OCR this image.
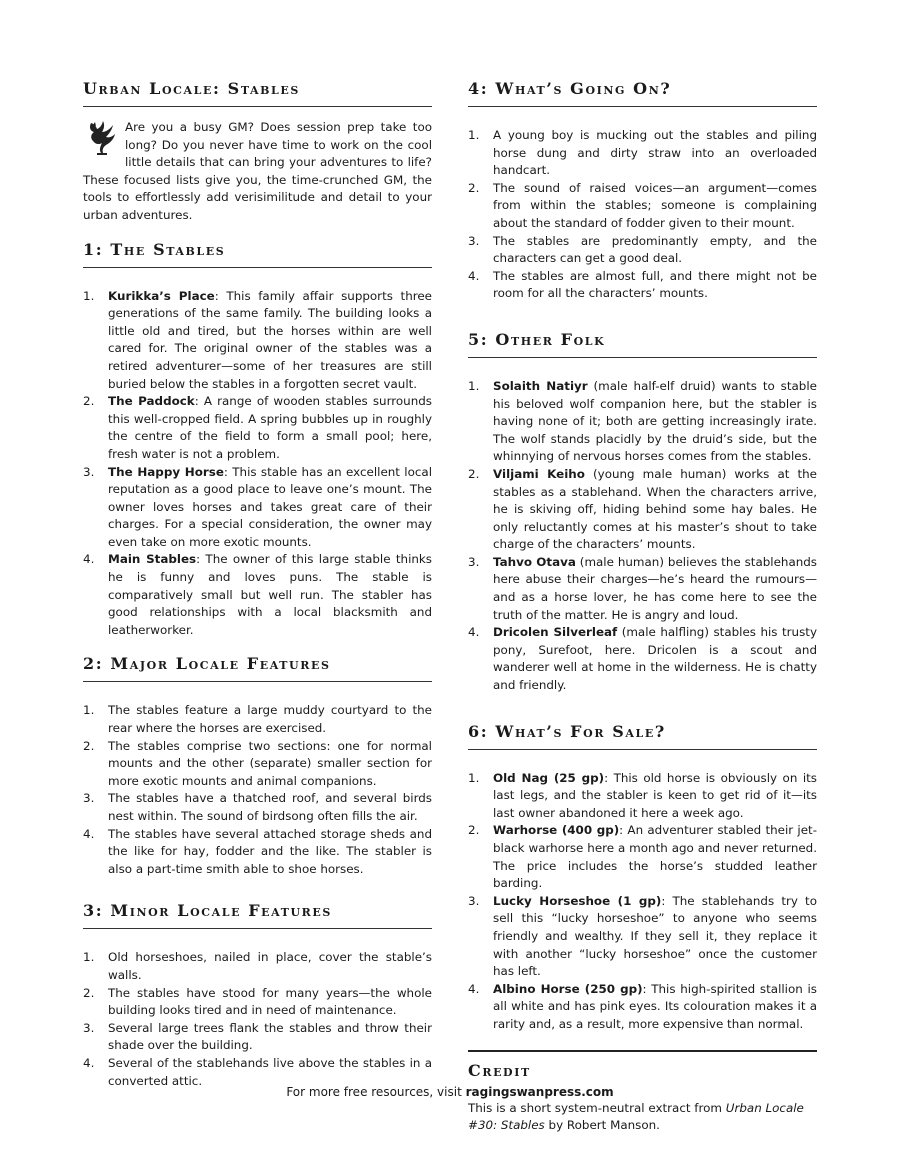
Urban Locale: Stables
Are you a busy GM? Does session prep take too long? Do you never have time to work on the cool little details that can bring your adventures to life? These focused lists give you, the time-crunched GM, the tools to effortlessly add verisimilitude and detail to your urban adventures.
1: The Stables
1. Kurikka’s Place: This family affair supports three generations of the same family. The building looks a little old and tired, but the horses within are well cared for. The original owner of the stables was a retired adventurer—some of her treasures are still buried below the stables in a forgotten secret vault.
2. The Paddock: A range of wooden stables surrounds this well-cropped field. A spring bubbles up in roughly the centre of the field to form a small pool; here, fresh water is not a problem.
3. The Happy Horse: This stable has an excellent local reputation as a good place to leave one’s mount. The owner loves horses and takes great care of their charges. For a special consideration, the owner may even take on more exotic mounts.
4. Main Stables: The owner of this large stable thinks he is funny and loves puns. The stable is comparatively small but well run. The stabler has good relationships with a local blacksmith and leatherworker.
2: Major Locale Features
1. The stables feature a large muddy courtyard to the rear where the horses are exercised.
2. The stables comprise two sections: one for normal mounts and the other (separate) smaller section for more exotic mounts and animal companions.
3. The stables have a thatched roof, and several birds nest within. The sound of birdsong often fills the air.
4. The stables have several attached storage sheds and the like for hay, fodder and the like. The stabler is also a part-time smith able to shoe horses.
3: Minor Locale Features
1. Old horseshoes, nailed in place, cover the stable’s walls.
2. The stables have stood for many years—the whole building looks tired and in need of maintenance.
3. Several large trees flank the stables and throw their shade over the building.
4. Several of the stablehands live above the stables in a converted attic.
4: What’s Going On?
1. A young boy is mucking out the stables and piling horse dung and dirty straw into an overloaded handcart.
2. The sound of raised voices—an argument—comes from within the stables; someone is complaining about the standard of fodder given to their mount.
3. The stables are predominantly empty, and the characters can get a good deal.
4. The stables are almost full, and there might not be room for all the characters’ mounts.
5: Other Folk
1. Solaith Natiyr (male half-elf druid) wants to stable his beloved wolf companion here, but the stabler is having none of it; both are getting increasingly irate. The wolf stands placidly by the druid’s side, but the whinnying of nervous horses comes from the stables.
2. Viljami Keiho (young male human) works at the stables as a stablehand. When the characters arrive, he is skiving off, hiding behind some hay bales. He only reluctantly comes at his master’s shout to take charge of the characters’ mounts.
3. Tahvo Otava (male human) believes the stablehands here abuse their charges—he’s heard the rumours—and as a horse lover, he has come here to see the truth of the matter. He is angry and loud.
4. Dricolen Silverleaf (male halfling) stables his trusty pony, Surefoot, here. Dricolen is a scout and wanderer well at home in the wilderness. He is chatty and friendly.
6: What’s For Sale?
1. Old Nag (25 gp): This old horse is obviously on its last legs, and the stabler is keen to get rid of it—its last owner abandoned it here a week ago.
2. Warhorse (400 gp): An adventurer stabled their jet-black warhorse here a month ago and never returned. The price includes the horse’s studded leather barding.
3. Lucky Horseshoe (1 gp): The stablehands try to sell this “lucky horseshoe” to anyone who seems friendly and wealthy. If they sell it, they replace it with another “lucky horseshoe” once the customer has left.
4. Albino Horse (250 gp): This high-spirited stallion is all white and has pink eyes. Its colouration makes it a rarity and, as a result, more expensive than normal.
Credit
This is a short system-neutral extract from Urban Locale #30: Stables by Robert Manson.
For more free resources, visit ragingswanpress.com
